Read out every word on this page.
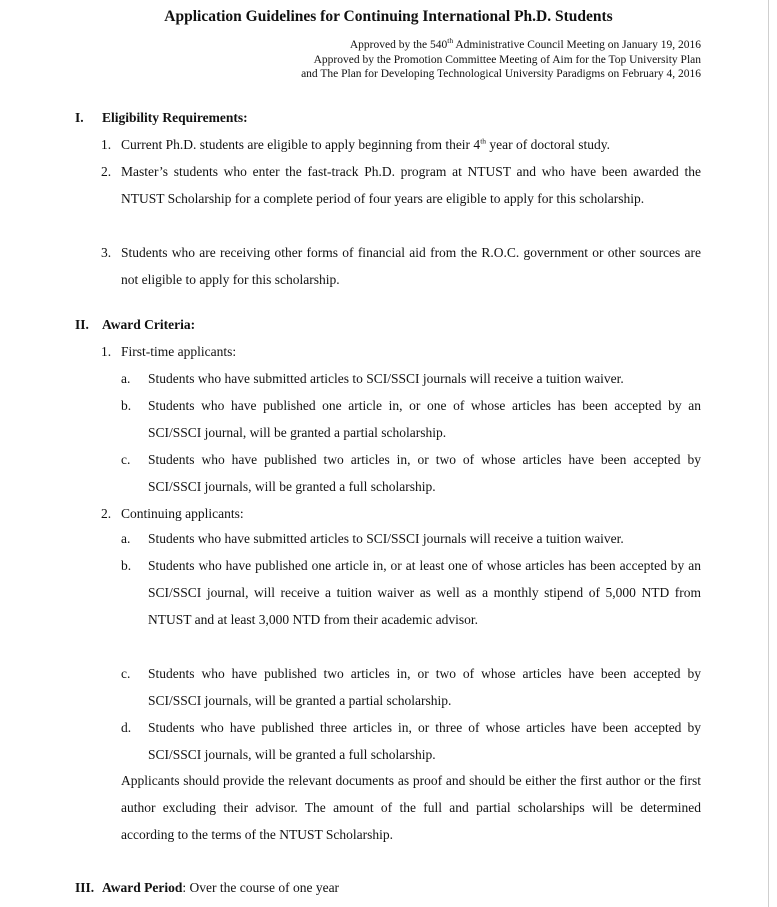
Application Guidelines for Continuing International Ph.D. Students
Approved by the 540th Administrative Council Meeting on January 19, 2016
Approved by the Promotion Committee Meeting of Aim for the Top University Plan
and The Plan for Developing Technological University Paradigms on February 4, 2016
I. Eligibility Requirements:
1. Current Ph.D. students are eligible to apply beginning from their 4th year of doctoral study.
2. Master’s students who enter the fast-track Ph.D. program at NTUST and who have been awarded the NTUST Scholarship for a complete period of four years are eligible to apply for this scholarship.
3. Students who are receiving other forms of financial aid from the R.O.C. government or other sources are not eligible to apply for this scholarship.
II. Award Criteria:
1. First-time applicants:
a. Students who have submitted articles to SCI/SSCI journals will receive a tuition waiver.
b. Students who have published one article in, or one of whose articles has been accepted by an SCI/SSCI journal, will be granted a partial scholarship.
c. Students who have published two articles in, or two of whose articles have been accepted by SCI/SSCI journals, will be granted a full scholarship.
2. Continuing applicants:
a. Students who have submitted articles to SCI/SSCI journals will receive a tuition waiver.
b. Students who have published one article in, or at least one of whose articles has been accepted by an SCI/SSCI journal, will receive a tuition waiver as well as a monthly stipend of 5,000 NTD from NTUST and at least 3,000 NTD from their academic advisor.
c. Students who have published two articles in, or two of whose articles have been accepted by SCI/SSCI journals, will be granted a partial scholarship.
d. Students who have published three articles in, or three of whose articles have been accepted by SCI/SSCI journals, will be granted a full scholarship.
Applicants should provide the relevant documents as proof and should be either the first author or the first author excluding their advisor. The amount of the full and partial scholarships will be determined according to the terms of the NTUST Scholarship.
III. Award Period: Over the course of one year
